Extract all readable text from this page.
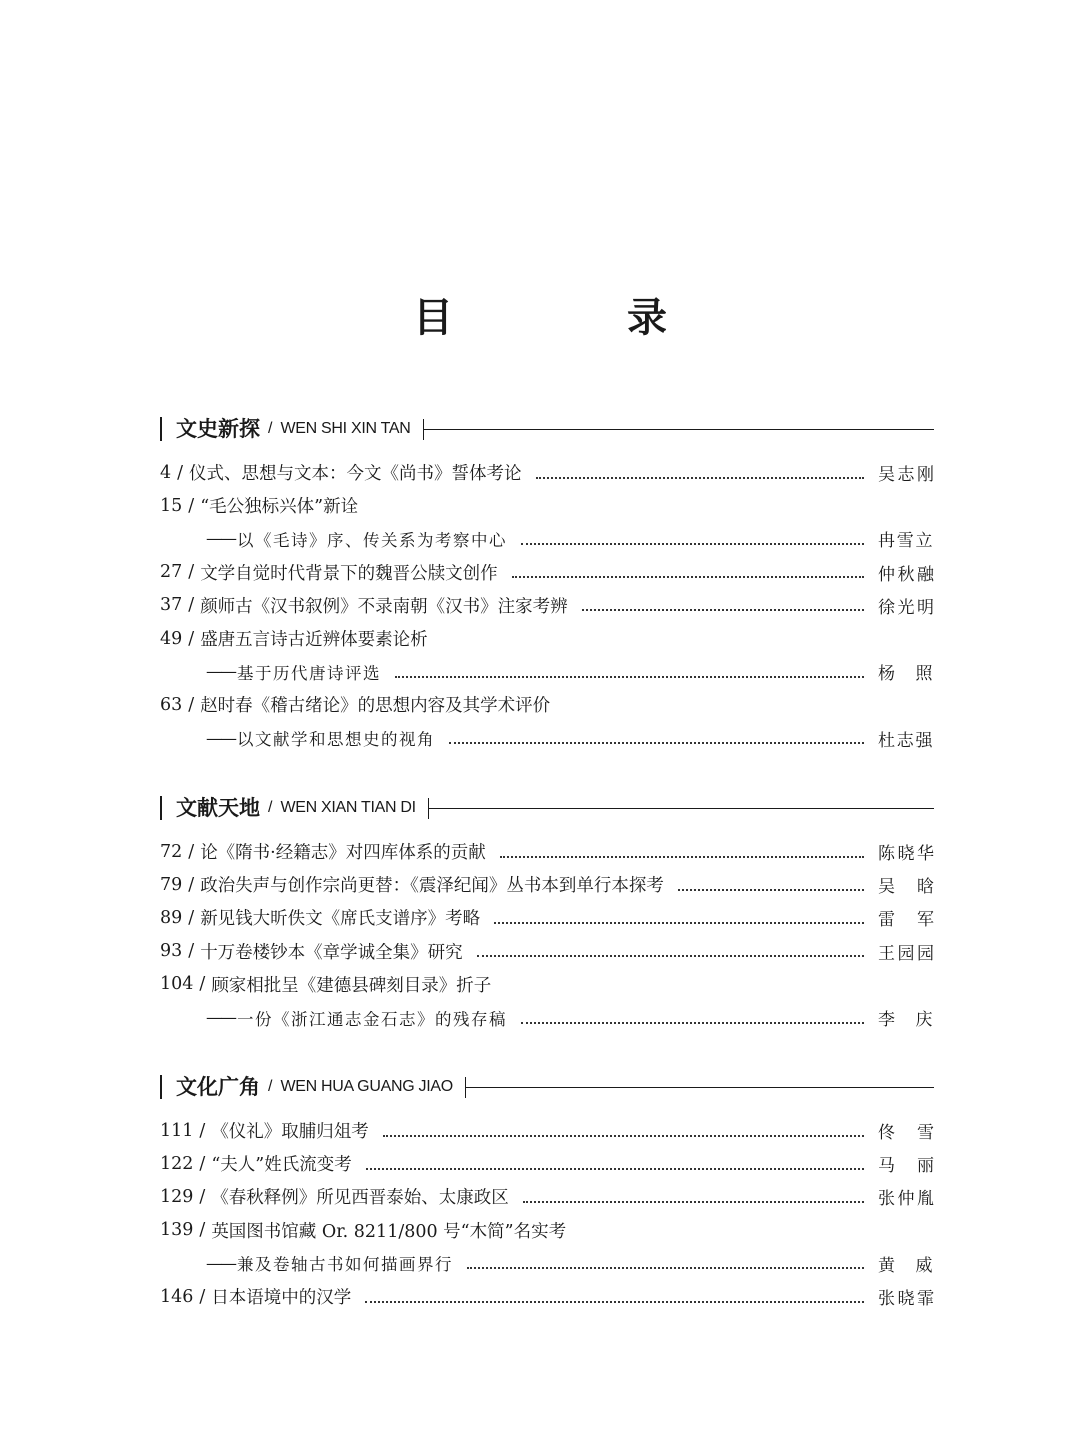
目 录
文史新探 / WEN SHI XIN TAN
4 / 仪式、思想与文本：今文《尚书》誓体考论	吴志刚
15 / “毛公独标兴体”新诠
—— 以《毛诗》序、传关系为考察中心	冉雪立
27 / 文学自觉时代背景下的魏晋公牍文创作	仲秋融
37 / 颜师古《汉书叙例》不录南朝《汉书》注家考辨	徐光明
49 / 盛唐五言诗古近辨体要素论析
—— 基于历代唐诗评选	杨 照
63 / 赵时春《稽古绪论》的思想内容及其学术评价
—— 以文献学和思想史的视角	杜志强
文献天地 / WEN XIAN TIAN DI
72 / 论《隋书·经籍志》对四库体系的贡献	陈晓华
79 / 政治失声与创作宗尚更替：《震泽纪闻》丛书本到单行本探考	吴 晗
89 / 新见钱大昕佚文《席氏支谱序》考略	雷 军
93 / 十万卷楼钞本《章学诚全集》研究	王园园
104 / 顾家相批呈《建德县碑刻目录》折子
—— 一份《浙江通志金石志》的残存稿	李 庆
文化广角 / WEN HUA GUANG JIAO
111 / 《仪礼》取脯归俎考	佟 雪
122 / “夫人”姓氏流变考	马 丽
129 / 《春秋释例》所见西晋泰始、太康政区	张仲胤
139 / 英国图书馆藏 Or. 8211/800 号“木简”名实考
—— 兼及卷轴古书如何描画界行	黄 威
146 / 日本语境中的汉学	张晓霏
